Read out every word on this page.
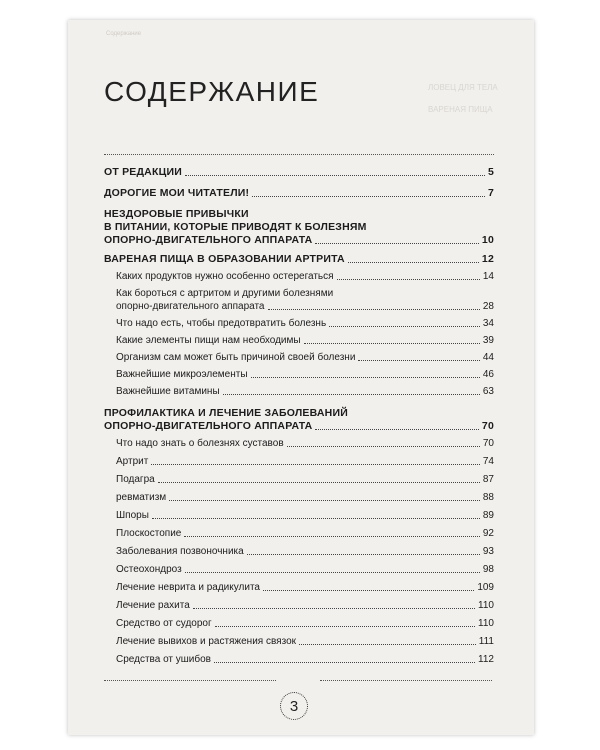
Содержание
ЛОВЕЦ ДЛЯ ТЕЛА
ВАРЕНАЯ ПИЩА
СОДЕРЖАНИЕ
ОТ РЕДАКЦИИ	5
ДОРОГИЕ МОИ ЧИТАТЕЛИ!	7
НЕЗДОРОВЫЕ ПРИВЫЧКИ
В ПИТАНИИ, КОТОРЫЕ ПРИВОДЯТ К БОЛЕЗНЯМ
ОПОРНО-ДВИГАТЕЛЬНОГО АППАРАТА	10
ВАРЕНАЯ ПИЩА В ОБРАЗОВАНИИ АРТРИТА	12
Каких продуктов нужно особенно остерегаться	14
Как бороться с артритом и другими болезнями
опорно-двигательного аппарата	28
Что надо есть, чтобы предотвратить болезнь	34
Какие элементы пищи нам необходимы	39
Организм сам может быть причиной своей болезни	44
Важнейшие микроэлементы	46
Важнейшие витамины	63
ПРОФИЛАКТИКА И ЛЕЧЕНИЕ ЗАБОЛЕВАНИЙ
ОПОРНО-ДВИГАТЕЛЬНОГО АППАРАТА	70
Что надо знать о болезнях суставов	70
Артрит	74
Подагра	87
ревматизм	88
Шпоры	89
Плоскостопие	92
Заболевания позвоночника	93
Остеохондроз	98
Лечение неврита и радикулита	109
Лечение рахита	110
Средство от судорог	110
Лечение вывихов и растяжения связок	111
Средства от ушибов	112
3
